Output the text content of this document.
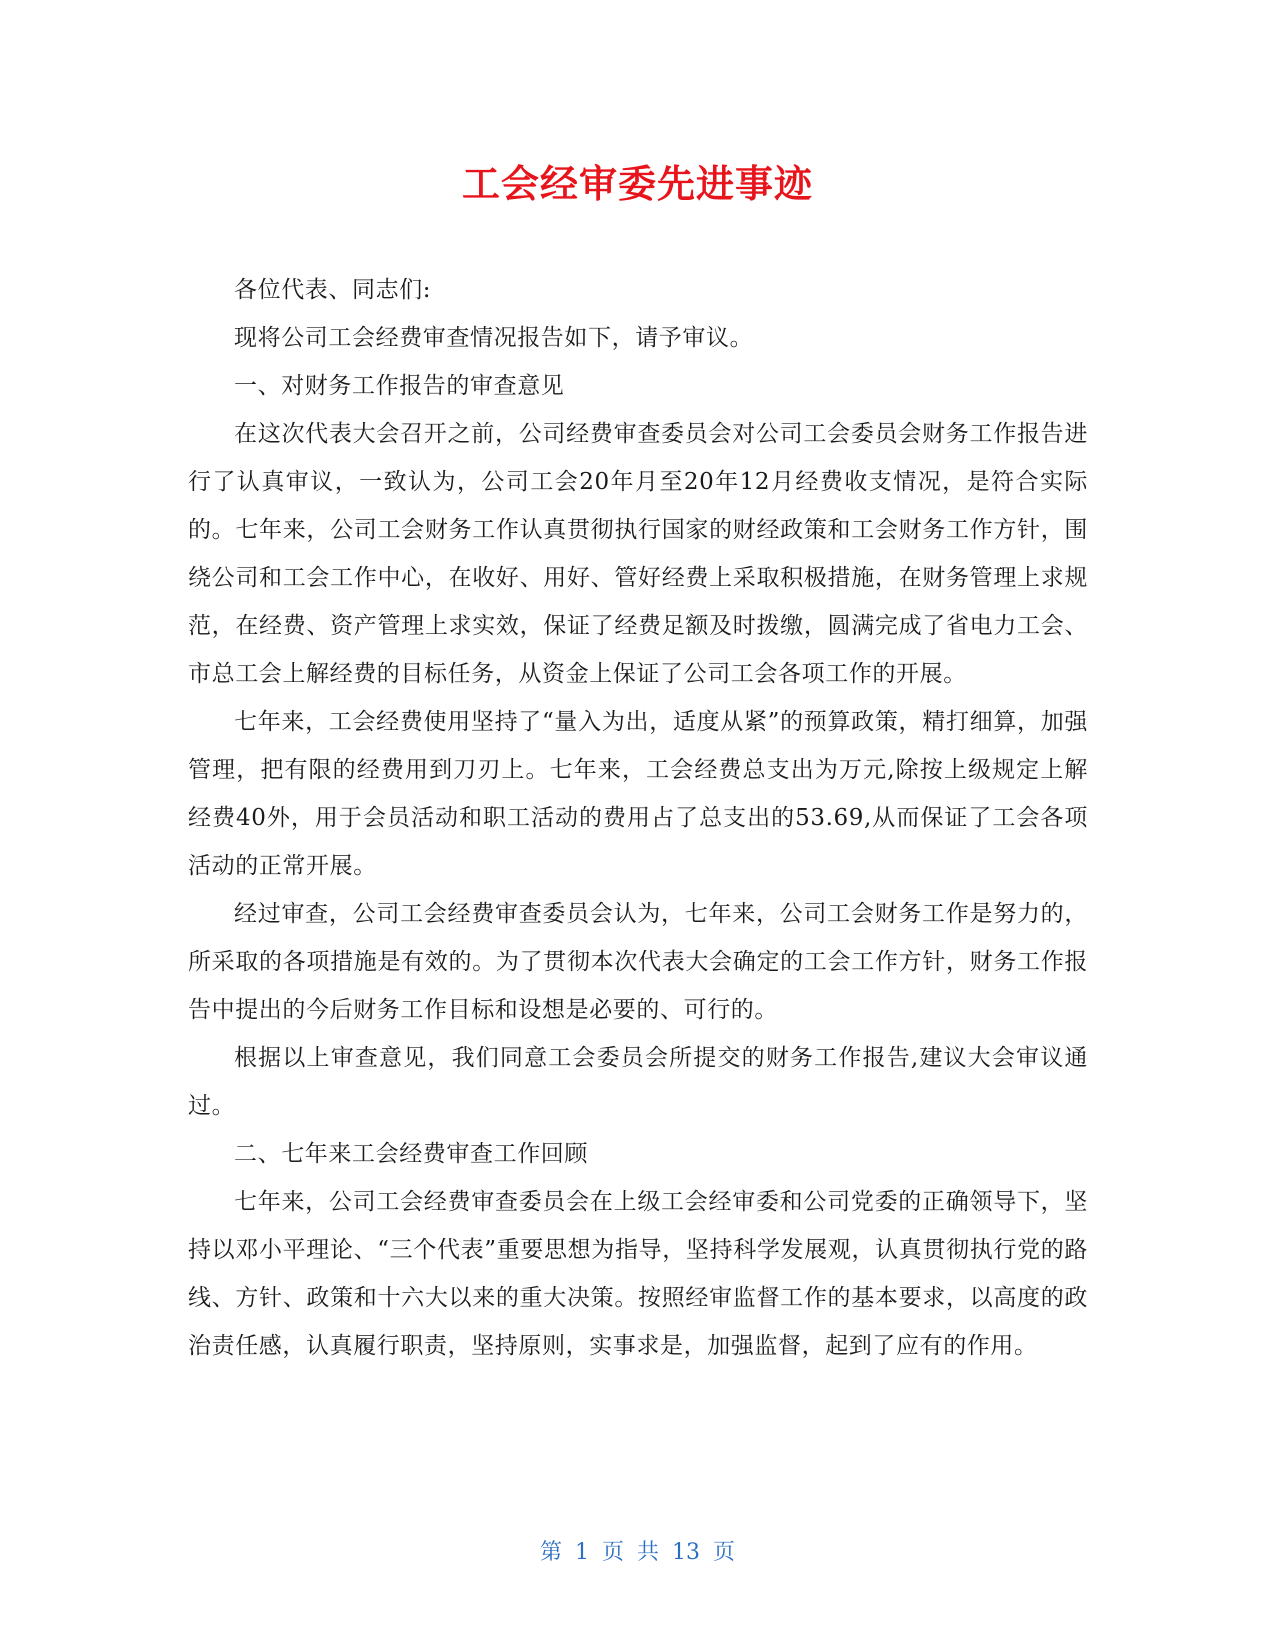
工会经审委先进事迹

各位代表、同志们:

现将公司工会经费审查情况报告如下，请予审议。

一、对财务工作报告的审查意见

在这次代表大会召开之前，公司经费审查委员会对公司工会委员会财务工作报告进行了认真审议，一致认为，公司工会20年月至20年12月经费收支情况，是符合实际的。七年来，公司工会财务工作认真贯彻执行国家的财经政策和工会财务工作方针，围绕公司和工会工作中心，在收好、用好、管好经费上采取积极措施，在财务管理上求规范，在经费、资产管理上求实效，保证了经费足额及时拨缴，圆满完成了省电力工会、市总工会上解经费的目标任务，从资金上保证了公司工会各项工作的开展。

七年来，工会经费使用坚持了“量入为出，适度从紧”的预算政策，精打细算，加强管理，把有限的经费用到刀刃上。七年来，工会经费总支出为万元,除按上级规定上解经费40外，用于会员活动和职工活动的费用占了总支出的53.69,从而保证了工会各项活动的正常开展。

经过审查，公司工会经费审查委员会认为，七年来，公司工会财务工作是努力的，所采取的各项措施是有效的。为了贯彻本次代表大会确定的工会工作方针，财务工作报告中提出的今后财务工作目标和设想是必要的、可行的。

根据以上审查意见，我们同意工会委员会所提交的财务工作报告,建议大会审议通过。

二、七年来工会经费审查工作回顾

七年来，公司工会经费审查委员会在上级工会经审委和公司党委的正确领导下，坚持以邓小平理论、“三个代表”重要思想为指导，坚持科学发展观，认真贯彻执行党的路线、方针、政策和十六大以来的重大决策。按照经审监督工作的基本要求，以高度的政治责任感，认真履行职责，坚持原则，实事求是，加强监督，起到了应有的作用。

第 1 页 共 13 页
